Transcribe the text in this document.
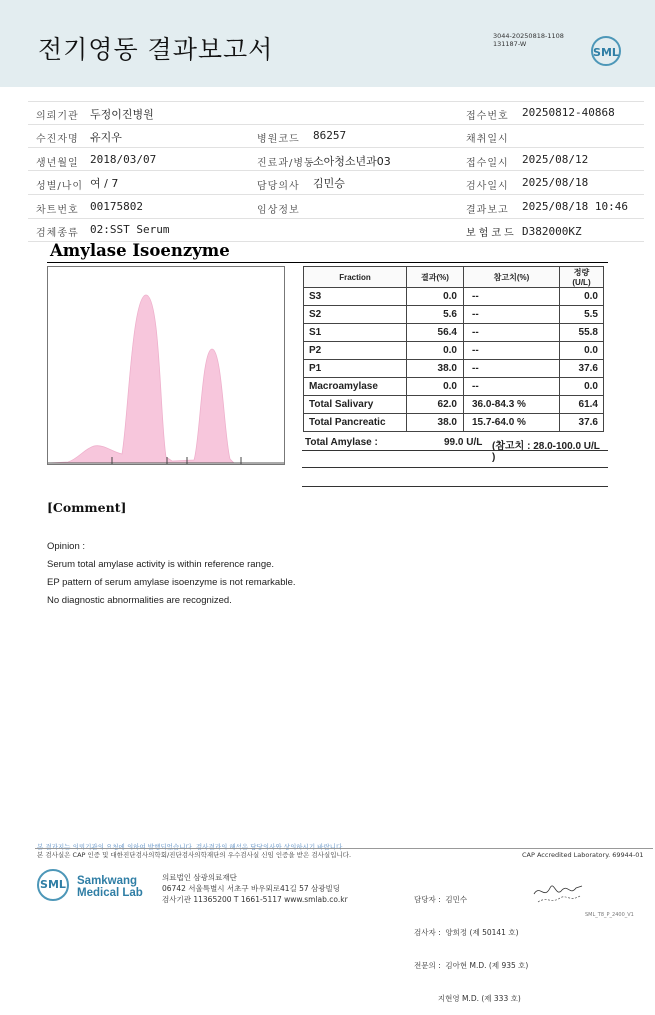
전기영동 결과보고서	3044-20250818-1108
131187-W
SML
의뢰기관 두정이진병원	접수번호 20250812-40868
수진자명 유지우	병원코드 86257	채취일시
생년월일 2018/03/07	진료과/병동
소아청소년과03	접수일시 2025/08/12
성별/나이 여 / 7	담당의사 김민승	검사일시 2025/08/18
차트번호 00175802	임상정보	결과보고 2025/08/18 10:46
검체종류 02:SST Serum	보험코드 D382000KZ
Amylase Isoenzyme
Fraction	결과(%)	참고치(%)	정량(U/L)
S3	0.0	--	0.0
S2	5.6	--	5.5
S1	56.4	--	55.8
P2	0.0	--	0.0
P1	38.0	--	37.6
Macroamylase	0.0	--	0.0
Total Salivary	62.0	36.0-84.3 %	61.4
Total Pancreatic	38.0	15.7-64.0 %	37.6
Total Amylase :	99.0 U/L (참고치 : 28.0-100.0 U/L )
[Comment]
Opinion :
Serum total amylase activity is within reference range.
EP pattern of serum amylase isoenzyme is not remarkable.
No diagnostic abnormalities are recognized.
본 결과지는 의뢰기관의 요청에 의하여 발행되었습니다. 검사결과의 해석은 담당의사와 상의하시기 바랍니다.
본 검사실은 CAP 인증 및 대한진단검사의학회/진단검사의학재단의 우수검사실 신임 인증을 받은 검사실입니다.	CAP Accredited Laboratory. 69944-01
SML Samkwang
Medical Lab
의료법인 삼광의료재단
06742 서울특별시 서초구 바우뫼로41길 57 삼광빌딩
검사기관 11365200 T 1661-5117 www.smlab.co.kr

	담당자 :  김민수

검사자 :  양희정 (제 50141 호)

전문의 :  김아현 M.D. (제 935 호)

지현영 M.D. (제 333 호)

SML_T8_P_2400_V1
